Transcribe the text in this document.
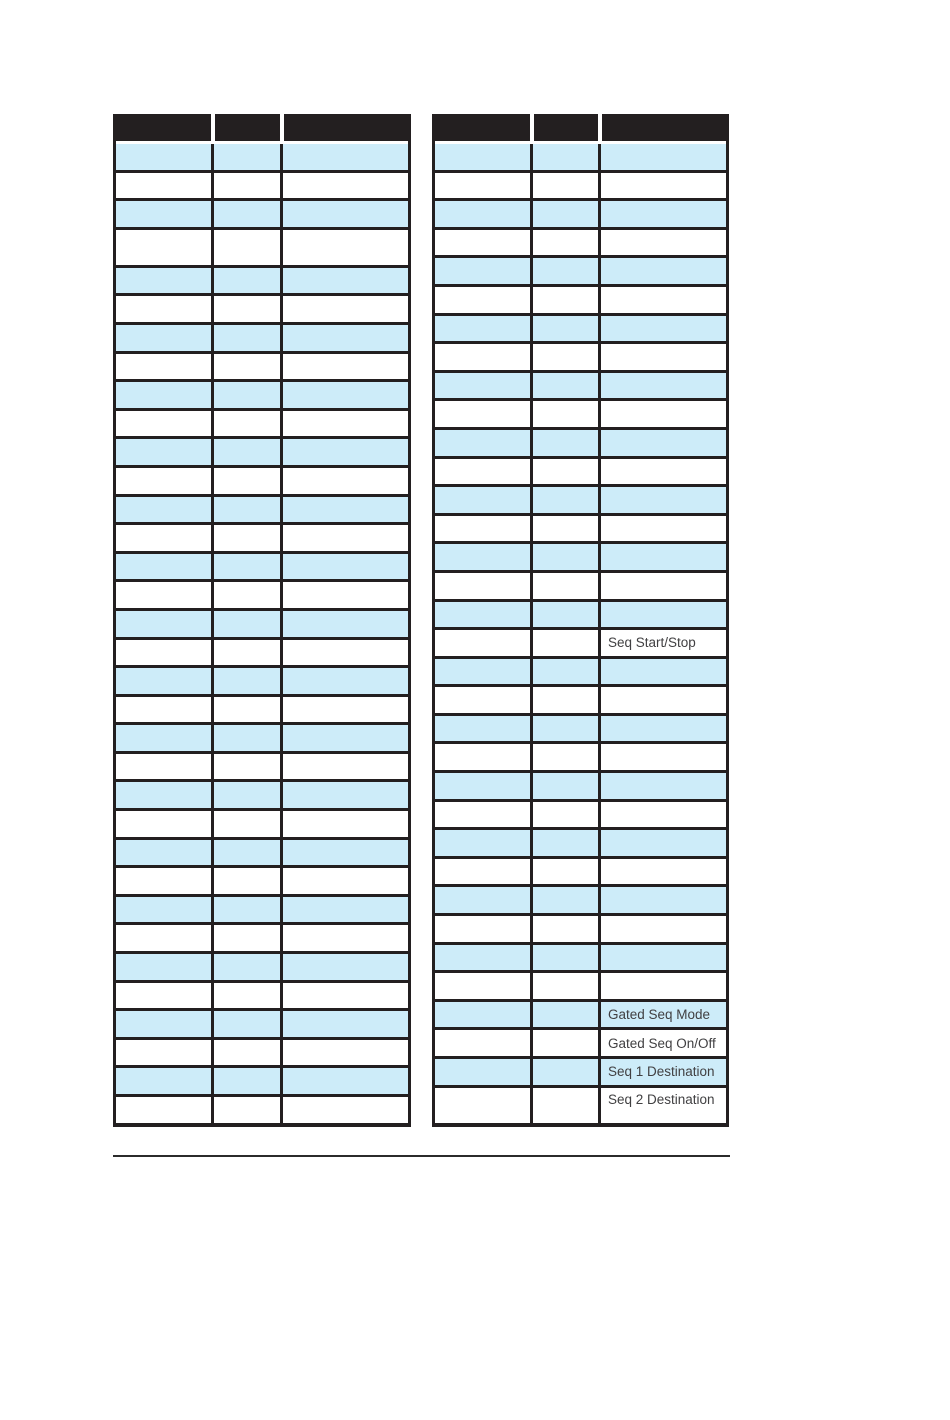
		Seq Start/Stop

		Gated Seq Mode
		Gated Seq On/Off
		Seq 1 Destination
		Seq 2 Destination
